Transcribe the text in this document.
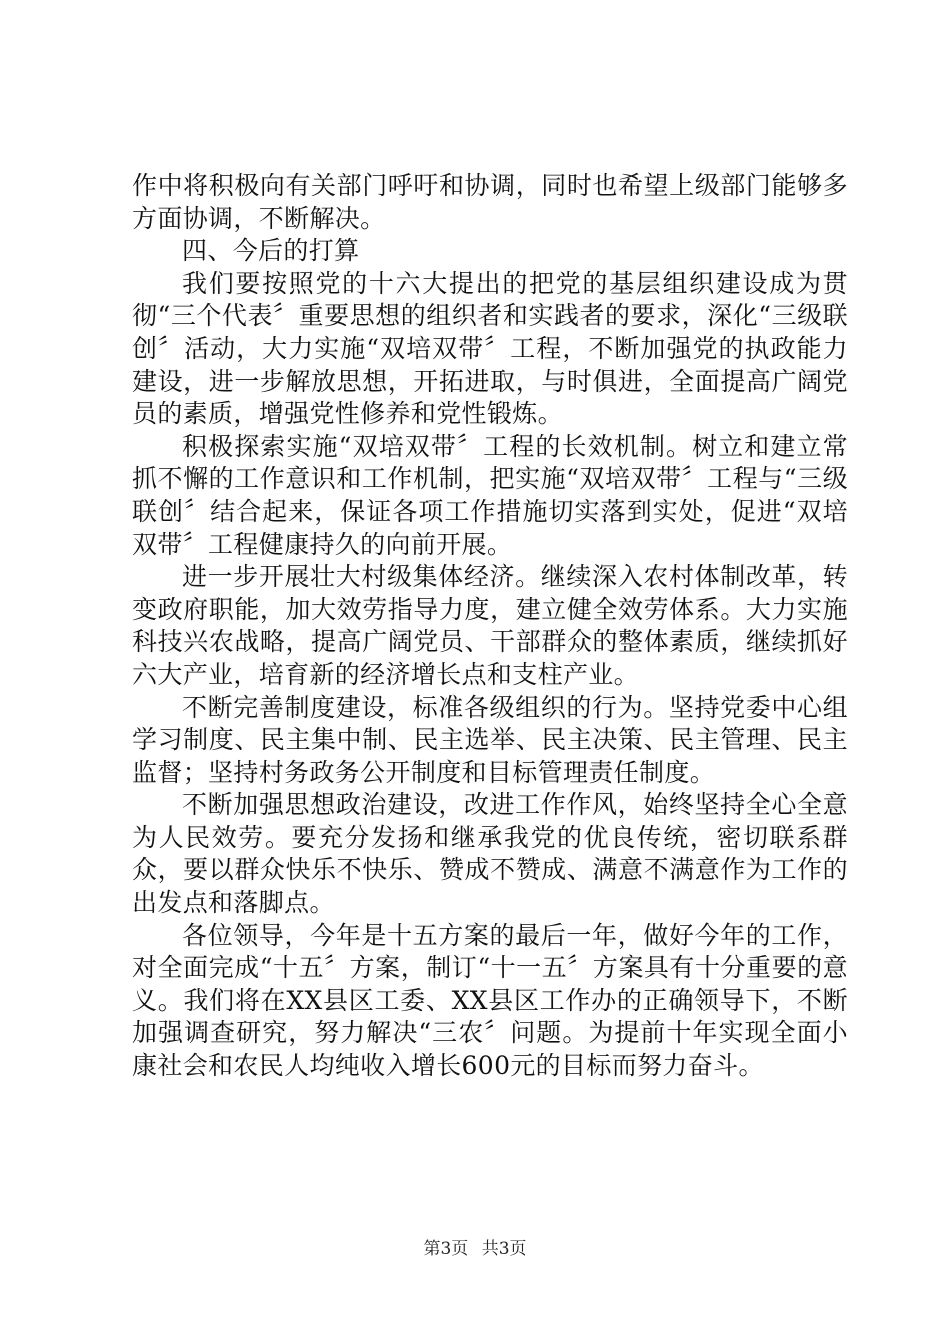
作中将积极向有关部门呼吁和协调，同时也希望上级部门能够多方面协调，不断解决。

四、今后的打算

我们要按照党的十六大提出的把党的基层组织建设成为贯彻“三个代表〞重要思想的组织者和实践者的要求，深化“三级联创〞活动，大力实施“双培双带〞工程，不断加强党的执政能力建设，进一步解放思想，开拓进取，与时俱进，全面提高广阔党员的素质，增强党性修养和党性锻炼。

积极探索实施“双培双带〞工程的长效机制。树立和建立常抓不懈的工作意识和工作机制，把实施“双培双带〞工程与“三级联创〞结合起来，保证各项工作措施切实落到实处，促进“双培双带〞工程健康持久的向前开展。

进一步开展壮大村级集体经济。继续深入农村体制改革，转变政府职能，加大效劳指导力度，建立健全效劳体系。大力实施科技兴农战略，提高广阔党员、干部群众的整体素质，继续抓好六大产业，培育新的经济增长点和支柱产业。

不断完善制度建设，标准各级组织的行为。坚持党委中心组学习制度、民主集中制、民主选举、民主决策、民主管理、民主监督；坚持村务政务公开制度和目标管理责任制度。

不断加强思想政治建设，改进工作作风，始终坚持全心全意为人民效劳。要充分发扬和继承我党的优良传统，密切联系群众，要以群众快乐不快乐、赞成不赞成、满意不满意作为工作的出发点和落脚点。

各位领导，今年是十五方案的最后一年，做好今年的工作，对全面完成“十五〞方案，制订“十一五〞方案具有十分重要的意义。我们将在XX县区工委、XX县区工作办的正确领导下，不断加强调查研究，努力解决“三农〞问题。为提前十年实现全面小康社会和农民人均纯收入增长600元的目标而努力奋斗。

第3页 共3页
